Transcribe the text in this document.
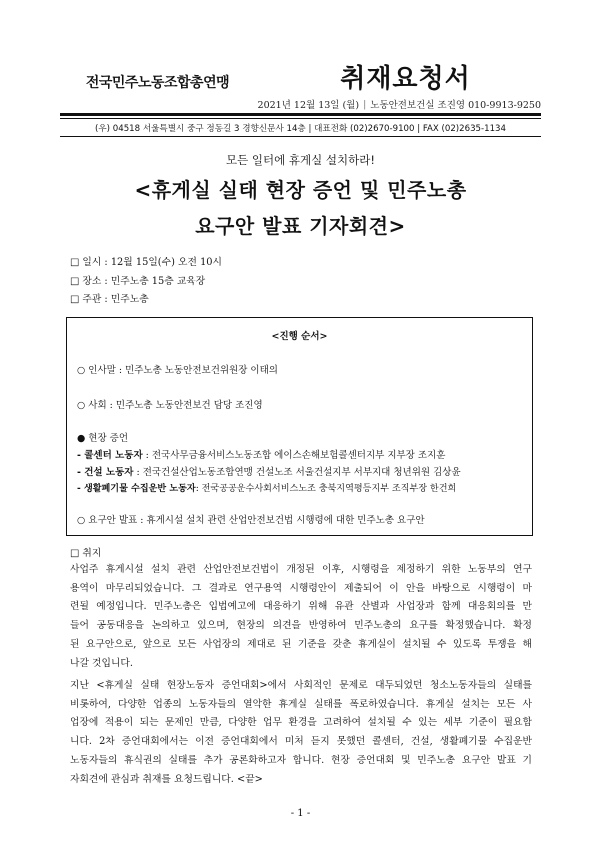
전국민주노동조합총연맹	취재요청서
2021년 12월 13일 (월) | 노동안전보건실 조진영 010-9913-9250
(우) 04518 서울특별시 중구 정동길 3 경향신문사 14층 | 대표전화 (02)2670-9100 | FAX (02)2635-1134
모든 일터에 휴게실 설치하라!
<휴게실 실태 현장 증언 및 민주노총
요구안 발표 기자회견>
□ 일시 : 12월 15일(수) 오전 10시
□ 장소 : 민주노총 15층 교육장
□ 주관 : 민주노총
<진행 순서>
○ 인사말 : 민주노총 노동안전보건위원장 이태의
○ 사회 : 민주노총 노동안전보건 담당 조진영
● 현장 증언
- 콜센터 노동자 : 전국사무금융서비스노동조합 에이스손해보험콜센터지부 지부장 조지훈
- 건설 노동자 : 전국건설산업노동조합연맹 건설노조 서울건설지부 서부지대 청년위원 김상윤
- 생활폐기물 수집운반 노동자: 전국공공운수사회서비스노조 충북지역평등지부 조직부장 한건희
○ 요구안 발표 : 휴게시설 설치 관련 산업안전보건법 시행령에 대한 민주노총 요구안
□ 취지
사업주 휴게시설 설치 관련 산업안전보건법이 개정된 이후, 시행령을 제정하기 위한 노동부의 연구
용역이 마무리되었습니다. 그 결과로 연구용역 시행령안이 제출되어 이 안을 바탕으로 시행령이 마
련될 예정입니다. 민주노총은 입법예고에 대응하기 위해 유관 산별과 사업장과 함께 대응회의를 만
들어 공동대응을 논의하고 있으며, 현장의 의견을 반영하여 민주노총의 요구를 확정했습니다. 확정
된 요구안으로, 앞으로 모든 사업장의 제대로 된 기준을 갖춘 휴게실이 설치될 수 있도록 투쟁을 해
나갈 것입니다.
지난 <휴게실 실태 현장노동자 증언대회>에서 사회적인 문제로 대두되었던 청소노동자들의 실태를
비롯하여, 다양한 업종의 노동자들의 열악한 휴게실 실태를 폭로하였습니다. 휴게실 설치는 모든 사
업장에 적용이 되는 문제인 만큼, 다양한 업무 환경을 고려하여 설치될 수 있는 세부 기준이 필요합
니다. 2차 증언대회에서는 이전 증언대회에서 미처 듣지 못했던 콜센터, 건설, 생활폐기물 수집운반
노동자들의 휴식권의 실태를 추가 공론화하고자 합니다. 현장 증언대회 및 민주노총 요구안 발표 기
자회견에 관심과 취재를 요청드립니다. <끝>
- 1 -
